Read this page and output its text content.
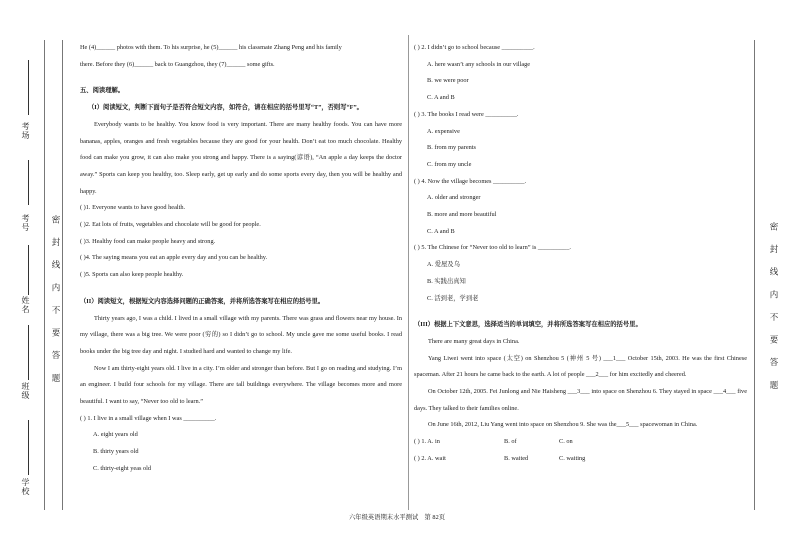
考场
考号
姓名
班级
学校
密 封 线 内 不 要 答 题	密 封 线 内 不 要 答 题

He (4)______ photos with them. To his surprise, he (5)______ his classmate Zhang Peng and his family

there. Before they (6)______ back to Guangzhou, they (7)______ some gifts.

五、阅读理解。

（I）阅读短文，判断下面句子是否符合短文内容，如符合，请在相应的括号里写“T”，否则写“F”。

Everybody wants to be healthy. You know food is very important. There are many healthy foods. You can have more bananas, apples, oranges and fresh vegetables because they are good for your health. Don’t eat too much chocolate. Healthy food can make you grow, it can also make you strong and happy. There is a saying(谚语), “An apple a day keeps the doctor away.” Sports can keep you healthy, too. Sleep early, get up early and do some sports every day, then you will be healthy and happy.

( )1. Everyone wants to have good health.

( )2. Eat lots of fruits, vegetables and chocolate will be good for people.

( )3. Healthy food can make people heavy and strong.

( )4. The saying means you eat an apple every day and you can be healthy.

( )5. Sports can also keep people healthy.

（II）阅读短文，根据短文内容选择问题的正确答案，并将所选答案写在相应的括号里。

Thirty years ago, I was a child. I lived in a small village with my parents. There was grass and flowers near my house. In my village, there was a big tree. We were poor (穷的) so I didn’t go to school. My uncle gave me some useful books. I read books under the big tree day and night. I studied hard and wanted to change my life.

Now I am thirty-eight years old. I live in a city. I’m older and stronger than before. But I go on reading and studying. I’m an engineer. I build four schools for my village. There are tall buildings everywhere. The village becomes more and more beautiful. I want to say, “Never too old to learn.”

( ) 1. I live in a small village when I was __________.

A. eight years old

B. thirty years old

C. thirty-eight yeas old

( ) 2. I didn’t go to school because __________.

A. here wasn’t any schools in our village

B. we were poor

C. A and B

( ) 3. The books I read were __________.

A. expensive

B. from my parents

C. from my uncle

( ) 4. Now the village becomes __________.

A. older and stronger

B. more and more beautiful

C. A and B

( ) 5. The Chinese for “Never too old to learn” is __________.

A. 爱屋及乌

B. 实践出真知

C. 活到老，学到老

（III）根据上下文意思，选择适当的单词填空，并将所选答案写在相应的括号里。

There are many great days in China.

Yang Liwei went into space (太空) on Shenzhou 5 (神州 5 号) ___1___ October 15th, 2003. He was the first Chinese spaceman. After 21 hours he came back to the earth. A lot of people ___2___ for him excitedly and cheered.

On October 12th, 2005. Fei Junlong and Nie Haisheng ___3___ into space on Shenzhou 6. They stayed in space ___4___ five days. They talked to their families online.

On June 16th, 2012, Liu Yang went into space on Shenzhou 9. She was the___5___ spacewoman in China.

( ) 1. A. in	B. of	C. on
( ) 2. A. wait	B. waited	C. waiting
六年级英语期末水平测试　第 82页
